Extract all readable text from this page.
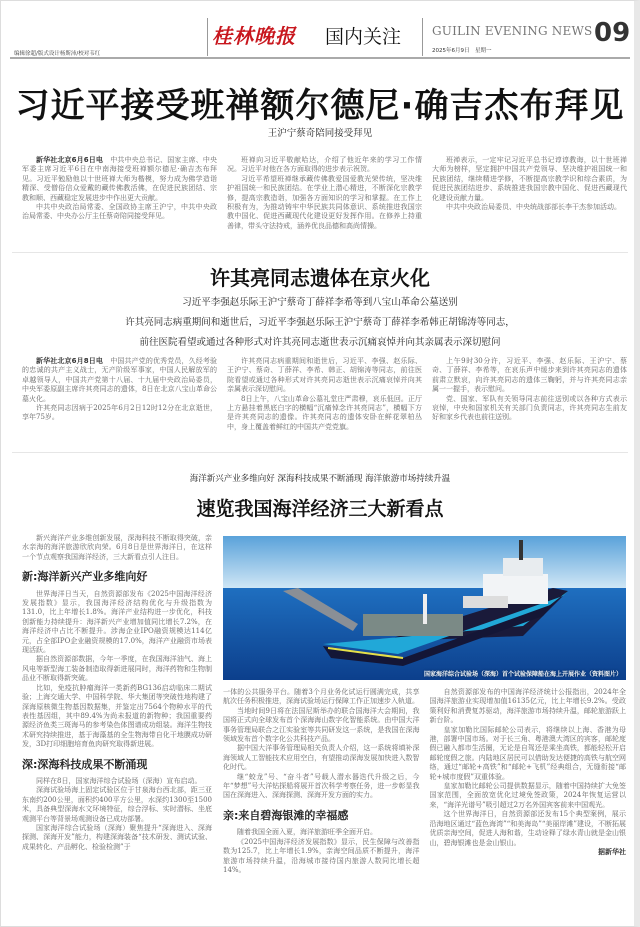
编辑徐超/版式设计杨斯沛/校对韦红
桂林晚报 国内关注	GUILIN EVENING NEWS
2025年6月9日　星期一
09
习近平接受班禅额尔德尼·确吉杰布拜见
王沪宁蔡奇陪同接受拜见

新华社北京6月6日电　 中共中央总书记、国家主席、中央军委主席习近平6日在中南海接受班禅额尔德尼·确吉杰布拜见。习近平勉励他以十世班禅大师为楷模，努力成为佛学造诣精深、受僧俗信众爱戴的藏传佛教活佛，在促进民族团结、宗教和顺、西藏稳定发展进步中作出更大贡献。

中共中央政治局常委、全国政协主席王沪宁，中共中央政治局常委、中央办公厅主任蔡奇陪同接受拜见。

班禅向习近平敬献哈达，介绍了他近年来的学习工作情况。习近平对他在各方面取得的进步表示祝贺。

习近平希望班禅继承藏传佛教爱国爱教光荣传统，坚决维护祖国统一和民族团结。在学业上潜心精进，不断深化宗教学修，提高宗教造诣，加强各方面知识的学习和掌握。在工作上积极有为，为推动铸牢中华民族共同体意识、系统推进我国宗教中国化、促进西藏现代化建设更好发挥作用。在修养上持重善律，带头守法持戒，涵养优良品德和高尚情操。

班禅表示，一定牢记习近平总书记谆谆教诲，以十世班禅大师为榜样，坚定拥护中国共产党领导、坚决维护祖国统一和民族团结，继续精进学修，不断提高宗教学识和综合素质，为促进民族团结进步、系统推进我国宗教中国化、促进西藏现代化建设贡献力量。

中共中央政治局委员、中央统战部部长李干杰参加活动。

许其亮同志遗体在京火化
习近平李强赵乐际王沪宁蔡奇丁薛祥李希等到八宝山革命公墓送别
许其亮同志病重期间和逝世后，习近平李强赵乐际王沪宁蔡奇丁薛祥李希韩正胡锦涛等同志，
前往医院看望或通过各种形式对许其亮同志逝世表示沉痛哀悼并向其亲属表示深切慰问

新华社北京6月8日电　 中国共产党的优秀党员，久经考验的忠诚的共产主义战士，无产阶级军事家，中国人民解放军的卓越领导人，中国共产党第十八届、十九届中央政治局委员，中央军委原副主席许其亮同志的遗体，8日在北京八宝山革命公墓火化。

许其亮同志因病于2025年6月2日12时12分在北京逝世，享年75岁。

许其亮同志病重期间和逝世后，习近平、李强、赵乐际、王沪宁、蔡奇、丁薛祥、李希、韩正、胡锦涛等同志，前往医院看望或通过各种形式对许其亮同志逝世表示沉痛哀悼并向其亲属表示深切慰问。

8日上午，八宝山革命公墓礼堂庄严肃穆，哀乐低回。正厅上方悬挂着黑底白字的横幅“沉痛悼念许其亮同志”，横幅下方是许其亮同志的遗像。许其亮同志的遗体安卧在鲜花翠柏丛中，身上覆盖着鲜红的中国共产党党旗。

上午9时30分许，习近平、李强、赵乐际、王沪宁、蔡奇、丁薛祥、李希等，在哀乐声中缓步来到许其亮同志的遗体前肃立默哀，向许其亮同志的遗体三鞠躬，并与许其亮同志亲属一一握手，表示慰问。

党、国家、军队有关领导同志前往送别或以各种方式表示哀悼，中央和国家机关有关部门负责同志，许其亮同志生前友好和家乡代表也前往送别。

海洋新兴产业多维向好 深海科技成果不断涌现 海洋旅游市场持续升温
速览我国海洋经济三大新看点

新兴海洋产业多维创新发展，深海科技不断取得突破，亲水亲海的海洋旅游欣欣向荣。6月8日是世界海洋日，在这样一个节点观察我国海洋经济，三大新看点引人注目。

新:海洋新兴产业多维向好

世界海洋日当天，自然资源部发布《2025中国海洋经济发展指数》显示，我国海洋经济结构优化与升级指数为131.0，比上年增长1.8%。海洋产业结构进一步优化，科技创新能力持续提升：海洋新兴产业增加值同比增长7.2%，在海洋经济中占比不断提升。涉海企业IPO融资规模达114亿元，占全部IPO企业融资规模的17.0%，海洋产业融资市场表现活跃。

据自然资源部数据，今年一季度，在我国海洋油气、海上风电等新型海工装备制造取得新进展同时，海洋药物和生物制品业不断取得新突破。

比如，免疫抗肿瘤海洋一类新药BG136启动临床二期试验；上海交通大学、中国科学院、华大集团等突破性地构建了深海原核微生物基因数据集，并鉴定出7564个物种水平的代表性基因组，其中89.4%为尚未报道的新物种；我国重要药源经济鱼类三斑海马的参考染色体图谱成功组装。海洋生物技术研究持续推进，基于海藻基的全生物海带自化干地膜成功研发，3D打印细胞培育鱼肉研究取得新进展。

深:深海科技成果不断涌现

同样在8日，国家海洋综合试验场（深海）宣布启动。

深海试验场海上固定试验区位于甘泉海台西北部，距三亚东南约200公里，面积约400平方公里，水深约1300至1500米，具备典型深海水文环境特征，综合浮标、实时潜标、坐底观测平台等背景场观测设备已成功部署。

国家海洋综合试验场（深海）聚焦提升“深海进入、深海探测、深海开发”能力，构建深海装备“技术研发、测试试验、成果转化、产品孵化、检验检测”于

国家海洋综合试验场（深海）首个试验保障船在海上开展作业（资料图片）

一体的公共服务平台。随着3个月业务化试运行圆满完成，共享航次任务积极推进，深海试验场运行保障工作正加速步入轨道。

当地时间9日将在法国尼斯举办的联合国海洋大会期间，我国将正式向全球发布首个深海海山数字化智能系统。由中国大洋事务管理局联合之江实验室等共同研发这一系统，是我国在深海领域发布首个数字化公共科技产品。

据中国大洋事务管理局相关负责人介绍，这一系统将填补深海领域人工智能技术应用空白，有望推动深海发展加快进入数智化时代。

继“蛟龙”号、“奋斗者”号载人潜水器迭代升级之后，今年“梦想”号大洋钻探船将展开首次科学考察任务，进一步彰显我国在深海进入、深海探测、深海开发方面的实力。

亲:来自碧海银滩的幸福感

随着我国全面入夏，海洋旅游旺季全面开启。

《2025中国海洋经济发展指数》显示，民生保障与改善指数为125.7，比上年增长1.9%，亲海空间品质不断提升，海洋旅游市场持续升温，沿海城市接待国内旅游人数同比增长超14%。

自然资源部发布的中国海洋经济统计公报指出，2024年全国海洋旅游业实现增加值16135亿元，比上年增长9.2%。受政策利好和消费复苏驱动，海洋旅游市场持续升温，邮轮旅游跃上新台阶。

皇家加勒比国际邮轮公司表示，将继续以上海、香港为母港，部署中国市场。对于长三角、粤港澳大湾区的宾客，邮轮度假已融入都市生活圈，无论是自驾还是乘坐高铁，都能轻松开启邮轮度假之旅。内陆地区居民可以借助发达便捷的高铁与航空网络，通过“邮轮+高铁”和“邮轮+飞机”经典组合，无缝衔接“邮轮+城市度假”双重体验。

皇家加勒比邮轮公司提供数据显示，随着中国持续扩大免签国家范围，全面放宽优化过境免签政策，2024年恢复运营以来，“海洋光谱号”吸引超过2万名外国宾客前来中国观光。

这个世界海洋日，自然资源部还发布15个典型案例，展示沿海地区通过“蓝色海湾”“和美海岛”“美丽岸滩”建设，不断拓展优质亲海空间，促进人海和谐，生动诠释了绿水青山就是金山银山，碧海银滩也是金山银山。

据新华社
